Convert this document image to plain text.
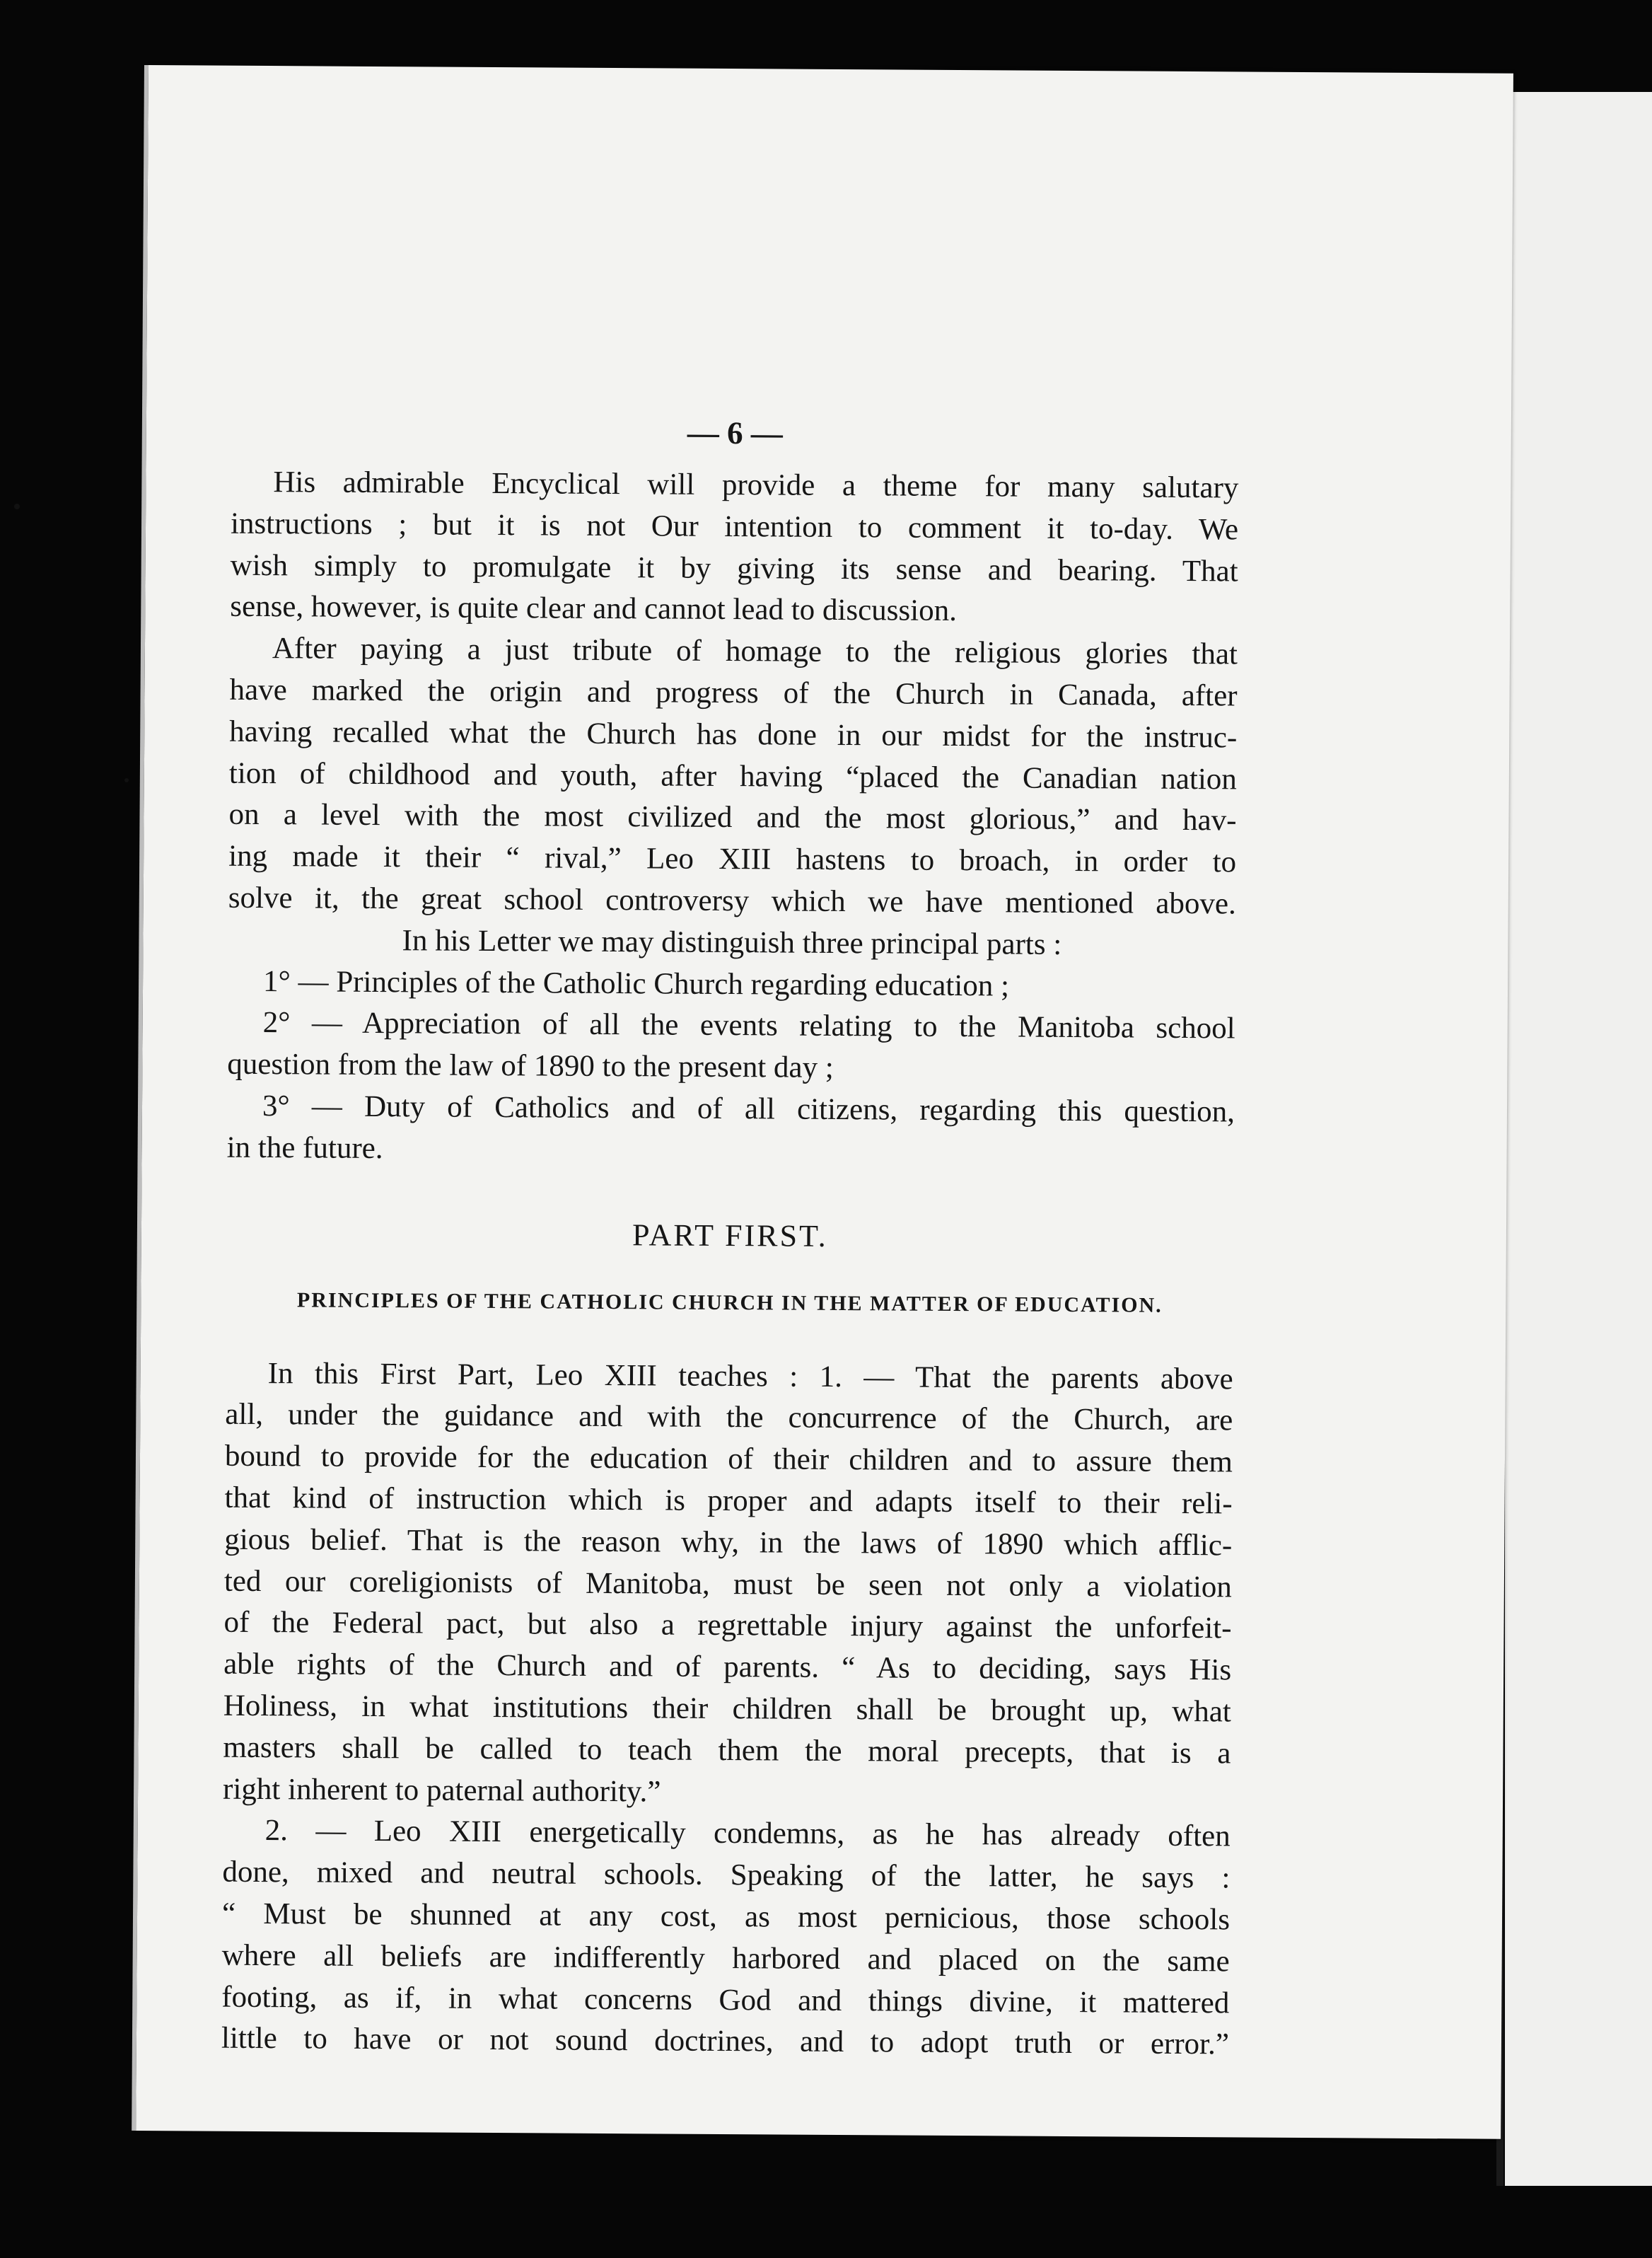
— 6 —
His admirable Encyclical will provide a theme for many salutary
instructions ; but it is not Our intention to comment it to-day. We
wish simply to promulgate it by giving its sense and bearing. That
sense, however, is quite clear and cannot lead to discussion.
After paying a just tribute of homage to the religious glories that
have marked the origin and progress of the Church in Canada, after
having recalled what the Church has done in our midst for the instruc-
tion of childhood and youth, after having “placed the Canadian nation
on a level with the most civilized and the most glorious,” and hav-
ing made it their “ rival,” Leo XIII hastens to broach, in order to
solve it, the great school controversy which we have mentioned above.
In his Letter we may distinguish three principal parts :
1° — Principles of the Catholic Church regarding education ;
2° — Appreciation of all the events relating to the Manitoba school
question from the law of 1890 to the present day ;
3° — Duty of Catholics and of all citizens, regarding this question,
in the future.
PART FIRST.
PRINCIPLES OF THE CATHOLIC CHURCH IN THE MATTER OF EDUCATION.
In this First Part, Leo XIII teaches : 1. — That the parents above
all, under the guidance and with the concurrence of the Church, are
bound to provide for the education of their children and to assure them
that kind of instruction which is proper and adapts itself to their reli-
gious belief. That is the reason why, in the laws of 1890 which afflic-
ted our coreligionists of Manitoba, must be seen not only a violation
of the Federal pact, but also a regrettable injury against the unforfeit-
able rights of the Church and of parents. “ As to deciding, says His
Holiness, in what institutions their children shall be brought up, what
masters shall be called to teach them the moral precepts, that is a
right inherent to paternal authority.”
2. — Leo XIII energetically condemns, as he has already often
done, mixed and neutral schools. Speaking of the latter, he says :
“ Must be shunned at any cost, as most pernicious, those schools
where all beliefs are indifferently harbored and placed on the same
footing, as if, in what concerns God and things divine, it mattered
little to have or not sound doctrines, and to adopt truth or error.”
